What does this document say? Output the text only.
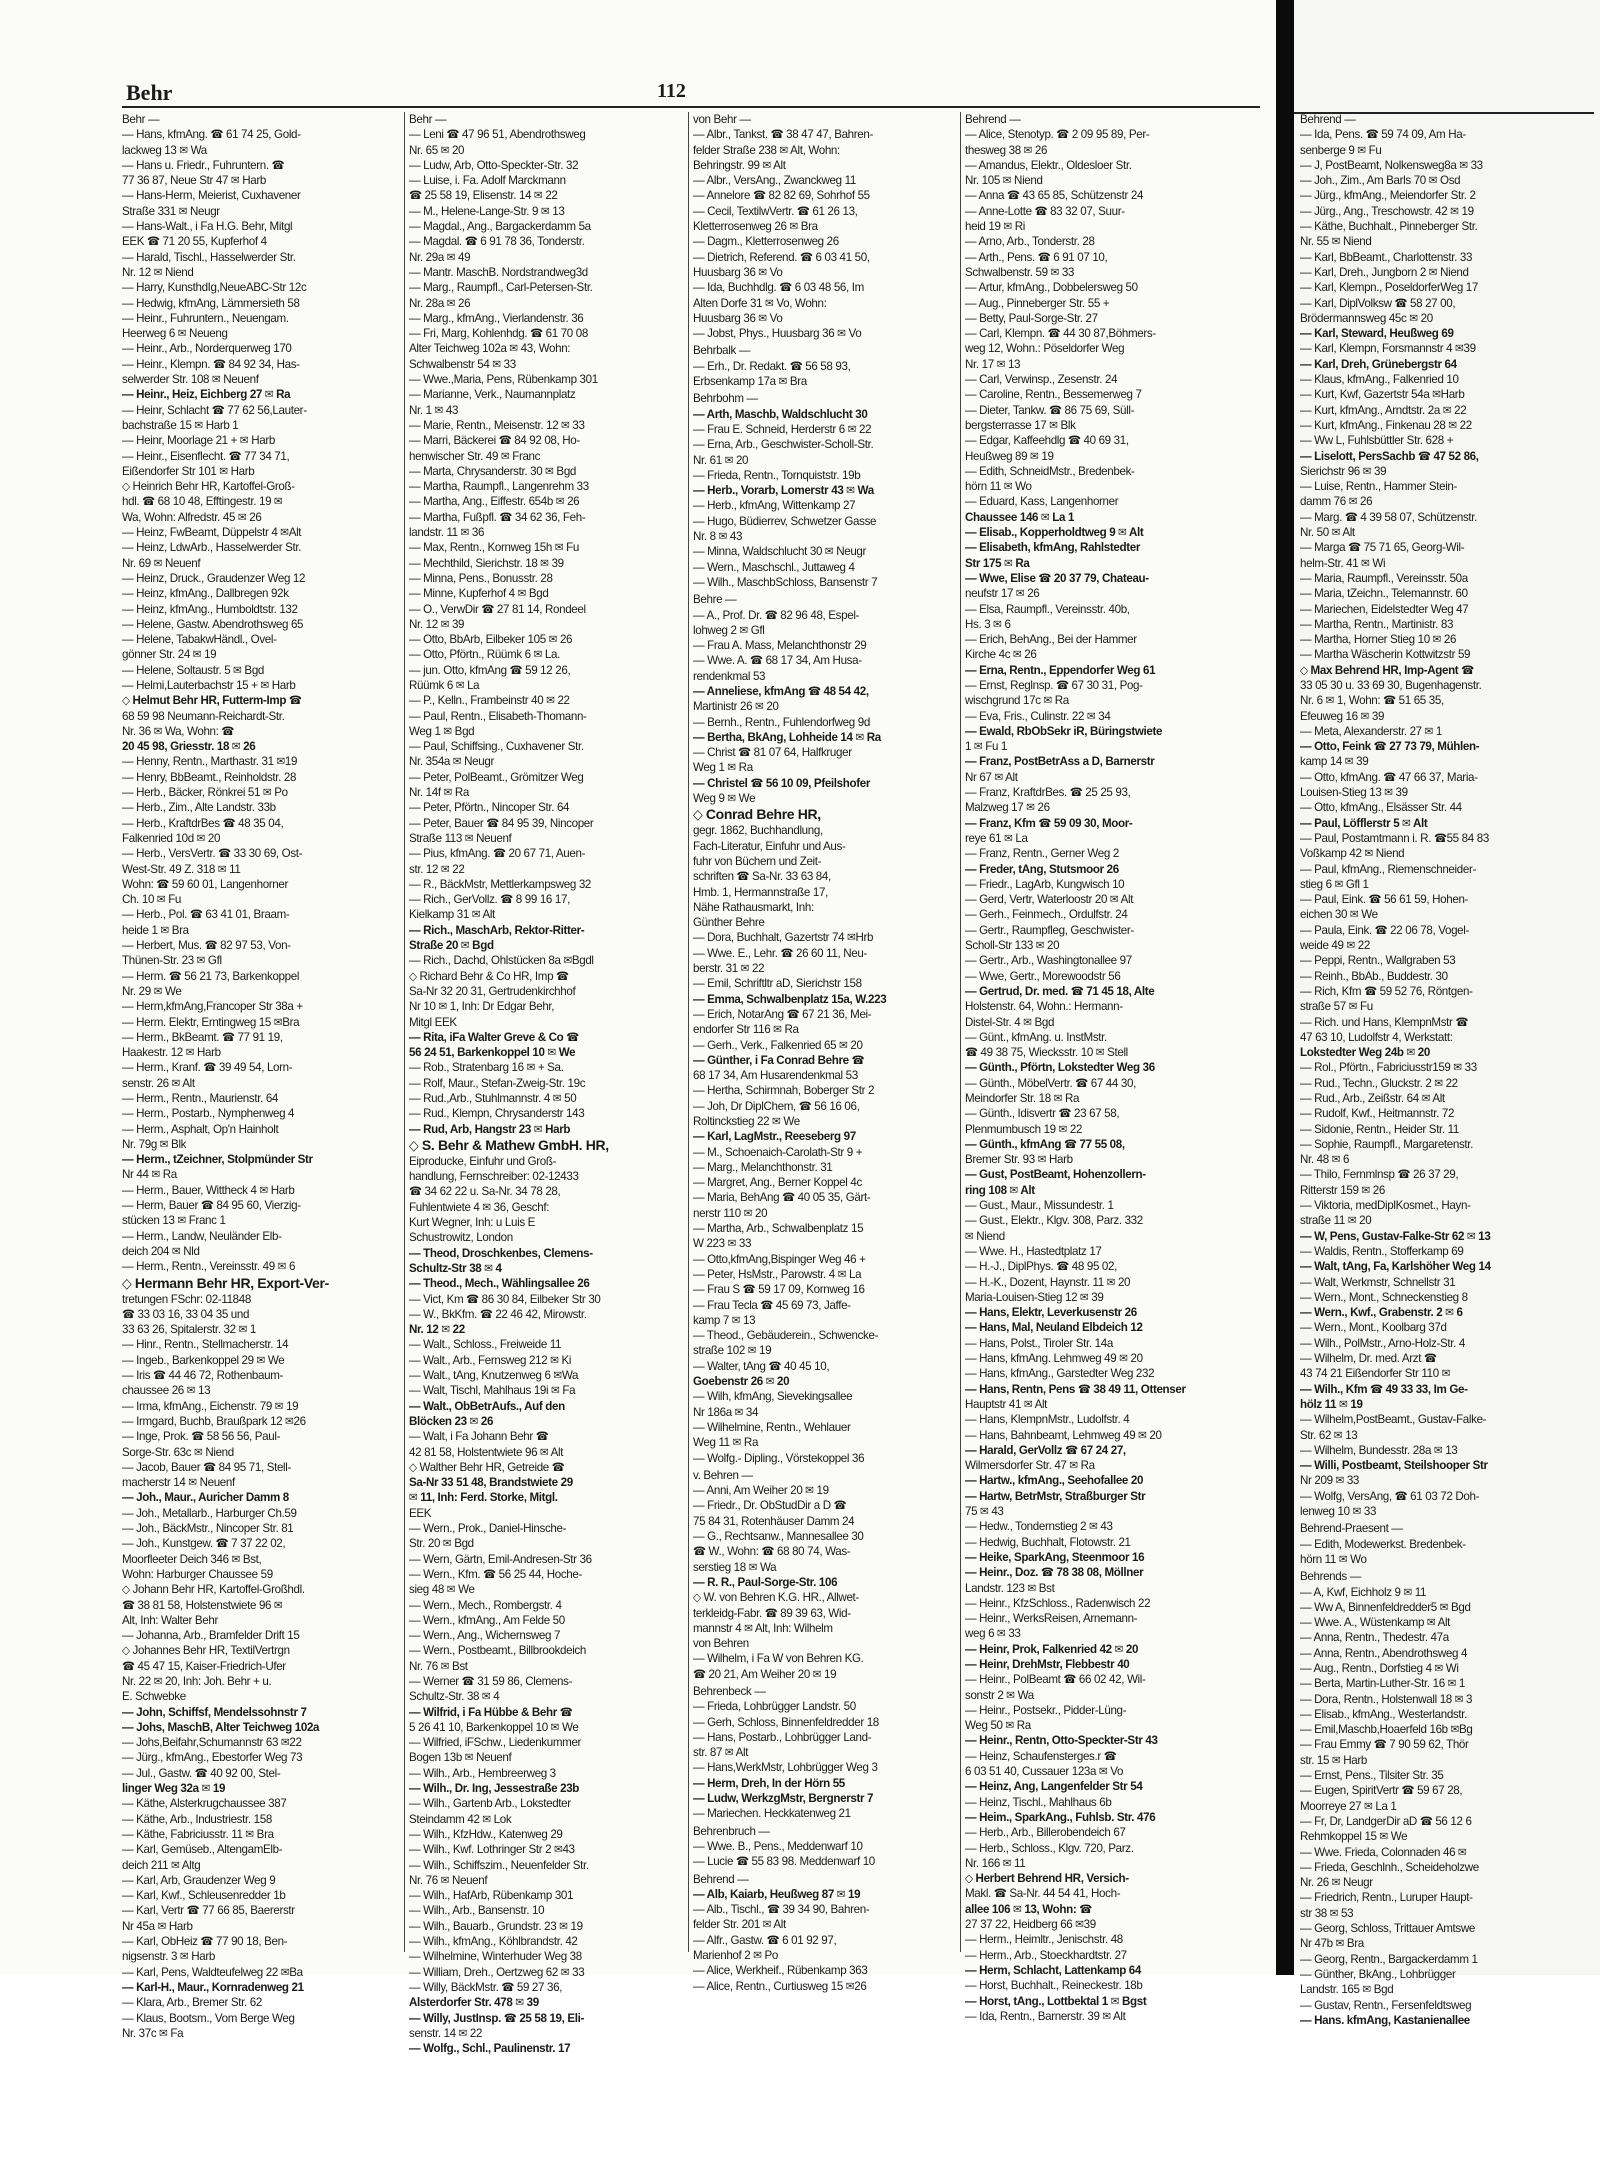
Behr	112
Behr —
— Hans, kfmAng. ☎ 61 74 25, Gold-
lackweg 13 ✉ Wa
— Hans u. Friedr., Fuhruntern. ☎
77 36 87, Neue Str 47 ✉ Harb
— Hans-Herm, Meierist, Cuxhavener
Straße 331 ✉ Neugr
— Hans-Walt., i Fa H.G. Behr, Mitgl
EEK ☎ 71 20 55, Kupferhof 4
— Harald, Tischl., Hasselwerder Str.
Nr. 12 ✉ Niend
— Harry, KunsthdIg,NeueABC-Str 12c
— Hedwig, kfmAng, Lämmersieth 58
— Heinr., Fuhruntern., Neuengam.
Heerweg 6 ✉ Neueng
— Heinr., Arb., Norderquerweg 170
— Heinr., Klempn. ☎ 84 92 34, Has-
selwerder Str. 108 ✉ Neuenf
— Heinr., Heiz, Eichberg 27 ✉ Ra
— Heinr, Schlacht ☎ 77 62 56,Lauter-
bachstraße 15 ✉ Harb 1
— Heinr, Moorlage 21 + ✉ Harb
— Heinr., Eisenflecht. ☎ 77 34 71,
Eißendorfer Str 101 ✉ Harb
◇ Heinrich Behr HR, Kartoffel-Groß-
hdl. ☎ 68 10 48, Efftingestr. 19 ✉
Wa, Wohn: Alfredstr. 45 ✉ 26
— Heinz, FwBeamt, Düppelstr 4 ✉Alt
— Heinz, LdwArb., Hasselwerder Str.
Nr. 69 ✉ Neuenf
— Heinz, Druck., Graudenzer Weg 12
— Heinz, kfmAng., Dallbregen 92k
— Heinz, kfmAng., Humboldtstr. 132
— Helene, Gastw. Abendrothsweg 65
— Helene, TabakwHändl., Ovel-
gönner Str. 24 ✉ 19
— Helene, Soltaustr. 5 ✉ Bgd
— Helmi,Lauterbachstr 15 + ✉ Harb
◇ Helmut Behr HR, Futterm-Imp ☎
68 59 98 Neumann-Reichardt-Str.
Nr. 36 ✉ Wa, Wohn: ☎
20 45 98, Griesstr. 18 ✉ 26
— Henny, Rentn., Marthastr. 31 ✉19
— Henry, BbBeamt., Reinholdstr. 28
— Herb., Bäcker, Rönkrei 51 ✉ Po
— Herb., Zim., Alte Landstr. 33b
— Herb., KraftdrBes ☎ 48 35 04,
Falkenried 10d ✉ 20
— Herb., VersVertr. ☎ 33 30 69, Ost-
West-Str. 49 Z. 318 ✉ 11
Wohn: ☎ 59 60 01, Langenhorner
Ch. 10 ✉ Fu
— Herb., Pol. ☎ 63 41 01, Braam-
heide 1 ✉ Bra
— Herbert, Mus. ☎ 82 97 53, Von-
Thünen-Str. 23 ✉ Gfl
— Herm. ☎ 56 21 73, Barkenkoppel
Nr. 29 ✉ We
— Herm,kfmAng,Francoper Str 38a +
— Herm. Elektr, Erntingweg 15 ✉Bra
— Herm., BkBeamt. ☎ 77 91 19,
Haakestr. 12 ✉ Harb
— Herm., Kranf. ☎ 39 49 54, Lorn-
senstr. 26 ✉ Alt
— Herm., Rentn., Maurienstr. 64
— Herm., Postarb., Nymphenweg 4
— Herm., Asphalt, Op'n Hainholt
Nr. 79g ✉ Blk
— Herm., tZeichner, Stolpmünder Str
Nr 44 ✉ Ra
— Herm., Bauer, Wittheck 4 ✉ Harb
— Herm, Bauer ☎ 84 95 60, Vierzig-
stücken 13 ✉ Franc 1
— Herm., Landw, Neuländer Elb-
deich 204 ✉ Nld
— Herm., Rentn., Vereinsstr. 49 ✉ 6
◇ Hermann Behr HR, Export-Ver-
tretungen FSchr: 02-11848
☎ 33 03 16, 33 04 35 und
33 63 26, Spitalerstr. 32 ✉ 1
— Hinr., Rentn., Stellmacherstr. 14
— Ingeb., Barkenkoppel 29 ✉ We
— Iris ☎ 44 46 72, Rothenbaum-
chaussee 26 ✉ 13
— Irma, kfmAng., Eichenstr. 79 ✉ 19
— Irmgard, Buchb, Braußpark 12 ✉26
— Inge, Prok. ☎ 58 56 56, Paul-
Sorge-Str. 63c ✉ Niend
— Jacob, Bauer ☎ 84 95 71, Stell-
macherstr 14 ✉ Neuenf
— Joh., Maur., Auricher Damm 8
— Joh., Metallarb., Harburger Ch.59
— Joh., BäckMstr., Nincoper Str. 81
— Joh., Kunstgew. ☎ 7 37 22 02,
Moorfleeter Deich 346 ✉ Bst,
Wohn: Harburger Chaussee 59
◇ Johann Behr HR, Kartoffel-Großhdl.
☎ 38 81 58, Holstenstwiete 96 ✉
Alt, Inh: Walter Behr
— Johanna, Arb., Bramfelder Drift 15
◇ Johannes Behr HR, TextilVertrgn
☎ 45 47 15, Kaiser-Friedrich-Ufer
Nr. 22 ✉ 20, Inh: Joh. Behr + u.
E. Schwebke
— John, Schiffsf, Mendelssohnstr 7
— Johs, MaschB, Alter Teichweg 102a
— Johs,Beifahr,Schumannstr 63 ✉22
— Jürg., kfmAng., Ebestorfer Weg 73
— Jul., Gastw. ☎ 40 92 00, Stel-
linger Weg 32a ✉ 19
— Käthe, Alsterkrugchaussee 387
— Käthe, Arb., Industriestr. 158
— Käthe, Fabriciusstr. 11 ✉ Bra
— Karl, Gemüseb., AltengamElb-
deich 211 ✉ Altg
— Karl, Arb, Graudenzer Weg 9
— Karl, Kwf., Schleusenredder 1b
— Karl, Vertr ☎ 77 66 85, Baererstr
Nr 45a ✉ Harb
— Karl, ObHeiz ☎ 77 90 18, Ben-
nigsenstr. 3 ✉ Harb
— Karl, Pens, Waldteufelweg 22 ✉Ba
— Karl-H., Maur., Kornradenweg 21
— Klara, Arb., Bremer Str. 62
— Klaus, Bootsm., Vom Berge Weg
Nr. 37c ✉ Fa
Behr —
— Leni ☎ 47 96 51, Abendrothsweg
Nr. 65 ✉ 20
— Ludw, Arb, Otto-Speckter-Str. 32
— Luise, i. Fa. Adolf Marckmann
☎ 25 58 19, Elisenstr. 14 ✉ 22
— M., Helene-Lange-Str. 9 ✉ 13
— Magdal., Ang., Bargackerdamm 5a
— Magdal. ☎ 6 91 78 36, Tonderstr.
Nr. 29a ✉ 49
— Mantr. MaschB. Nordstrandweg3d
— Marg., Raumpfl., Carl-Petersen-Str.
Nr. 28a ✉ 26
— Marg., kfmAng., Vierlandenstr. 36
— Fri, Marg, Kohlenhdg. ☎ 61 70 08
Alter Teichweg 102a ✉ 43, Wohn:
Schwalbenstr 54 ✉ 33
— Wwe.,Maria, Pens, Rübenkamp 301
— Marianne, Verk., Naumannplatz
Nr. 1 ✉ 43
— Marie, Rentn., Meisenstr. 12 ✉ 33
— Marri, Bäckerei ☎ 84 92 08, Ho-
henwischer Str. 49 ✉ Franc
— Marta, Chrysanderstr. 30 ✉ Bgd
— Martha, Raumpfl., Langenrehm 33
— Martha, Ang., Eiffestr. 654b ✉ 26
— Martha, Fußpfl. ☎ 34 62 36, Feh-
landstr. 11 ✉ 36
— Max, Rentn., Kornweg 15h ✉ Fu
— Mechthild, Sierichstr. 18 ✉ 39
— Minna, Pens., Bonusstr. 28
— Minne, Kupferhof 4 ✉ Bgd
— O., VerwDir ☎ 27 81 14, Rondeel
Nr. 12 ✉ 39
— Otto, BbArb, Eilbeker 105 ✉ 26
— Otto, Pförtn., Rüümk 6 ✉ La.
— jun. Otto, kfmAng ☎ 59 12 26,
Rüümk 6 ✉ La
— P., Kelln., Frambeinstr 40 ✉ 22
— Paul, Rentn., Elisabeth-Thomann-
Weg 1 ✉ Bgd
— Paul, Schiffsing., Cuxhavener Str.
Nr. 354a ✉ Neugr
— Peter, PolBeamt., Grömitzer Weg
Nr. 14f ✉ Ra
— Peter, Pförtn., Nincoper Str. 64
— Peter, Bauer ☎ 84 95 39, Nincoper
Straße 113 ✉ Neuenf
— Pius, kfmAng. ☎ 20 67 71, Auen-
str. 12 ✉ 22
— R., BäckMstr, Mettlerkampsweg 32
— Rich., GerVollz. ☎ 8 99 16 17,
Kielkamp 31 ✉ Alt
— Rich., MaschArb, Rektor-Ritter-
Straße 20 ✉ Bgd
— Rich., Dachd, Ohlstücken 8a ✉Bgdl
◇ Richard Behr & Co HR, Imp ☎
Sa-Nr 32 20 31, Gertrudenkirchhof
Nr 10 ✉ 1, Inh: Dr Edgar Behr,
Mitgl EEK
— Rita, iFa Walter Greve & Co ☎
56 24 51, Barkenkoppel 10 ✉ We
— Rob., Stratenbarg 16 ✉ + Sa.
— Rolf, Maur., Stefan-Zweig-Str. 19c
— Rud.,Arb., Stuhlmannstr. 4 ✉ 50
— Rud., Klempn, Chrysanderstr 143
— Rud, Arb, Hangstr 23 ✉ Harb
◇ S. Behr & Mathew GmbH. HR,
Eiproducke, Einfuhr und Groß-
handlung, Fernschreiber: 02-12433
☎ 34 62 22 u. Sa-Nr. 34 78 28,
Fuhlentwiete 4 ✉ 36, Geschf:
Kurt Wegner, Inh: u Luis E
Schustrowitz, London
— Theod, Droschkenbes, Clemens-
Schultz-Str 38 ✉ 4
— Theod., Mech., Wählingsallee 26
— Vict, Km ☎ 86 30 84, Eilbeker Str 30
— W., BkKfm. ☎ 22 46 42, Mirowstr.
Nr. 12 ✉ 22
— Walt., Schloss., Freiweide 11
— Walt., Arb., Fernsweg 212 ✉ Ki
— Walt., tAng, Knutzenweg 6 ✉Wa
— Walt, Tischl, Mahlhaus 19i ✉ Fa
— Walt., ObBetrAufs., Auf den
Blöcken 23 ✉ 26
— Walt, i Fa Johann Behr ☎
42 81 58, Holstentwiete 96 ✉ Alt
◇ Walther Behr HR, Getreide ☎
Sa-Nr 33 51 48, Brandstwiete 29
✉ 11, Inh: Ferd. Storke, Mitgl.
EEK
— Wern., Prok., Daniel-Hinsche-
Str. 20 ✉ Bgd
— Wern, Gärtn, Emil-Andresen-Str 36
— Wern., Kfm. ☎ 56 25 44, Hoche-
sieg 48 ✉ We
— Wern., Mech., Rombergstr. 4
— Wern., kfmAng., Am Felde 50
— Wern., Ang., Wichernsweg 7
— Wern., Postbeamt., Billbrookdeich
Nr. 76 ✉ Bst
— Werner ☎ 31 59 86, Clemens-
Schultz-Str. 38 ✉ 4
— Wilfrid, i Fa Hübbe & Behr ☎
5 26 41 10, Barkenkoppel 10 ✉ We
— Wilfried, iFSchw., Liedenkummer
Bogen 13b ✉ Neuenf
— Wilh., Arb., Hembreerweg 3
— Wilh., Dr. Ing, Jessestraße 23b
— Wilh., Gartenb Arb., Lokstedter
Steindamm 42 ✉ Lok
— Wilh., KfzHdw., Katenweg 29
— Wilh., Kwf. Lothringer Str 2 ✉43
— Wilh., Schiffszim., Neuenfelder Str.
Nr. 76 ✉ Neuenf
— Wilh., HafArb, Rübenkamp 301
— Wilh., Arb., Bansenstr. 10
— Wilh., Bauarb., Grundstr. 23 ✉ 19
— Wilh., kfmAng., Köhlbrandstr. 42
— Wilhelmine, Winterhuder Weg 38
— William, Dreh., Oertzweg 62 ✉ 33
— Willy, BäckMstr. ☎ 59 27 36,
Alsterdorfer Str. 478 ✉ 39
— Willy, JustInsp. ☎ 25 58 19, Eli-
senstr. 14 ✉ 22
— Wolfg., Schl., Paulinenstr. 17
von Behr —
— Albr., Tankst. ☎ 38 47 47, Bahren-
felder Straße 238 ✉ Alt, Wohn:
Behringstr. 99 ✉ Alt
— Albr., VersAng., Zwanckweg 11
— Annelore ☎ 82 82 69, Sohrhof 55
— Cecil, TextilwVertr. ☎ 61 26 13,
Kletterrosenweg 26 ✉ Bra
— Dagm., Kletterrosenweg 26
— Dietrich, Referend. ☎ 6 03 41 50,
Huusbarg 36 ✉ Vo
— Ida, Buchhdlg. ☎ 6 03 48 56, Im
Alten Dorfe 31 ✉ Vo, Wohn:
Huusbarg 36 ✉ Vo
— Jobst, Phys., Huusbarg 36 ✉ Vo
Behrbalk —
— Erh., Dr. Redakt. ☎ 56 58 93,
Erbsenkamp 17a ✉ Bra
Behrbohm —
— Arth, Maschb, Waldschlucht 30
— Frau E. Schneid, Herderstr 6 ✉ 22
— Erna, Arb., Geschwister-Scholl-Str.
Nr. 61 ✉ 20
— Frieda, Rentn., Tornquiststr. 19b
— Herb., Vorarb, Lomerstr 43 ✉ Wa
— Herb., kfmAng, Wittenkamp 27
— Hugo, Büdierrev, Schwetzer Gasse
Nr. 8 ✉ 43
— Minna, Waldschlucht 30 ✉ Neugr
— Wern., Maschschl., Juttaweg 4
— Wilh., MaschbSchloss, Bansenstr 7
Behre —
— A., Prof. Dr. ☎ 82 96 48, Espel-
lohweg 2 ✉ Gfl
— Frau A. Mass, Melanchthonstr 29
— Wwe. A. ☎ 68 17 34, Am Husa-
rendenkmal 53
— Anneliese, kfmAng ☎ 48 54 42,
Martinistr 26 ✉ 20
— Bernh., Rentn., Fuhlendorfweg 9d
— Bertha, BkAng, Lohheide 14 ✉ Ra
— Christ ☎ 81 07 64, Halfkruger
Weg 1 ✉ Ra
— Christel ☎ 56 10 09, Pfeilshofer
Weg 9 ✉ We
◇ Conrad Behre HR,
gegr. 1862, Buchhandlung,
Fach-Literatur, Einfuhr und Aus-
fuhr von Büchern und Zeit-
schriften ☎ Sa-Nr. 33 63 84,
Hmb. 1, Hermannstraße 17,
Nähe Rathausmarkt, Inh:
Günther Behre
— Dora, Buchhalt, Gazertstr 74 ✉Hrb
— Wwe. E., Lehr. ☎ 26 60 11, Neu-
berstr. 31 ✉ 22
— Emil, Schriftltr aD, Sierichstr 158
— Emma, Schwalbenplatz 15a, W.223
— Erich, NotarAng ☎ 67 21 36, Mei-
endorfer Str 116 ✉ Ra
— Gerh., Verk., Falkenried 65 ✉ 20
— Günther, i Fa Conrad Behre ☎
68 17 34, Am Husarendenkmal 53
— Hertha, Schirmnah, Boberger Str 2
— Joh, Dr DiplChem, ☎ 56 16 06,
Roltinckstieg 22 ✉ We
— Karl, LagMstr., Reeseberg 97
— M., Schoenaich-Carolath-Str 9 +
— Marg., Melanchthonstr. 31
— Margret, Ang., Berner Koppel 4c
— Maria, BehAng ☎ 40 05 35, Gärt-
nerstr 110 ✉ 20
— Martha, Arb., Schwalbenplatz 15
W 223 ✉ 33
— Otto,kfmAng,Bispinger Weg 46 +
— Peter, HsMstr., Parowstr. 4 ✉ La
— Frau S ☎ 59 17 09, Kornweg 16
— Frau Tecla ☎ 45 69 73, Jaffe-
kamp 7 ✉ 13
— Theod., Gebäuderein., Schwencke-
straße 102 ✉ 19
— Walter, tAng ☎ 40 45 10,
Goebenstr 26 ✉ 20
— Wilh, kfmAng, Sievekingsallee
Nr 186a ✉ 34
— Wilhelmine, Rentn., Wehlauer
Weg 11 ✉ Ra
— Wolfg.- Dipling., Vörstekoppel 36
v. Behren —
— Anni, Am Weiher 20 ✉ 19
— Friedr., Dr. ObStudDir a D ☎
75 84 31, Rotenhäuser Damm 24
— G., Rechtsanw., Mannesallee 30
☎ W., Wohn: ☎ 68 80 74, Was-
serstieg 18 ✉ Wa
— R. R., Paul-Sorge-Str. 106
◇ W. von Behren K.G. HR., Allwet-
terkleidg-Fabr. ☎ 89 39 63, Wid-
mannstr 4 ✉ Alt, Inh: Wilhelm
von Behren
— Wilhelm, i Fa W von Behren KG.
☎ 20 21, Am Weiher 20 ✉ 19
Behrenbeck —
— Frieda, Lohbrügger Landstr. 50
— Gerh, Schloss, Binnenfeldredder 18
— Hans, Postarb., Lohbrügger Land-
str. 87 ✉ Alt
— Hans,WerkMstr, Lohbrügger Weg 3
— Herm, Dreh, In der Hörn 55
— Ludw, WerkzgMstr, Bergnerstr 7
— Mariechen. Heckkatenweg 21
Behrenbruch —
— Wwe. B., Pens., Meddenwarf 10
— Lucie ☎ 55 83 98. Meddenwarf 10
Behrend —
— Alb, Kaiarb, Heußweg 87 ✉ 19
— Alb., Tischl., ☎ 39 34 90, Bahren-
felder Str. 201 ✉ Alt
— Alfr., Gastw. ☎ 6 01 92 97,
Marienhof 2 ✉ Po
— Alice, Werkheif., Rübenkamp 363
— Alice, Rentn., Curtiusweg 15 ✉26
Behrend —
— Alice, Stenotyp. ☎ 2 09 95 89, Per-
thesweg 38 ✉ 26
— Amandus, Elektr., Oldesloer Str.
Nr. 105 ✉ Niend
— Anna ☎ 43 65 85, Schützenstr 24
— Anne-Lotte ☎ 83 32 07, Suur-
heid 19 ✉ Ri
— Arno, Arb., Tonderstr. 28
— Arth., Pens. ☎ 6 91 07 10,
Schwalbenstr. 59 ✉ 33
— Artur, kfmAng., Dobbelersweg 50
— Aug., Pinneberger Str. 55 +
— Betty, Paul-Sorge-Str. 27
— Carl, Klempn. ☎ 44 30 87,Böhmers-
weg 12, Wohn.: Pöseldorfer Weg
Nr. 17 ✉ 13
— Carl, Verwinsp., Zesenstr. 24
— Caroline, Rentn., Bessemerweg 7
— Dieter, Tankw. ☎ 86 75 69, Süll-
bergsterrasse 17 ✉ Blk
— Edgar, Kaffeehdlg ☎ 40 69 31,
Heußweg 89 ✉ 19
— Edith, SchneidMstr., Bredenbek-
hörn 11 ✉ Wo
— Eduard, Kass, Langenhorner
Chaussee 146 ✉ La 1
— Elisab., Kopperholdtweg 9 ✉ Alt
— Elisabeth, kfmAng, Rahlstedter
Str 175 ✉ Ra
— Wwe, Elise ☎ 20 37 79, Chateau-
neufstr 17 ✉ 26
— Elsa, Raumpfl., Vereinsstr. 40b,
Hs. 3 ✉ 6
— Erich, BehAng., Bei der Hammer
Kirche 4c ✉ 26
— Erna, Rentn., Eppendorfer Weg 61
— Ernst, Reglnsp. ☎ 67 30 31, Pog-
wischgrund 17c ✉ Ra
— Eva, Fris., Culinstr. 22 ✉ 34
— Ewald, RbObSekr iR, Büringstwiete
1 ✉ Fu 1
— Franz, PostBetrAss a D, Barnerstr
Nr 67 ✉ Alt
— Franz, KraftdrBes. ☎ 25 25 93,
Malzweg 17 ✉ 26
— Franz, Kfm ☎ 59 09 30, Moor-
reye 61 ✉ La
— Franz, Rentn., Gerner Weg 2
— Freder, tAng, Stutsmoor 26
— Friedr., LagArb, Kungwisch 10
— Gerd, Vertr, Waterloostr 20 ✉ Alt
— Gerh., Feinmech., Ordulfstr. 24
— Gertr., Raumpfleg, Geschwister-
Scholl-Str 133 ✉ 20
— Gertr., Arb., Washingtonallee 97
— Wwe, Gertr., Morewoodstr 56
— Gertrud, Dr. med. ☎ 71 45 18, Alte
Holstenstr. 64, Wohn.: Hermann-
Distel-Str. 4 ✉ Bgd
— Günt., kfmAng. u. InstMstr.
☎ 49 38 75, Wiecksstr. 10 ✉ Stell
— Günth., Pförtn, Lokstedter Weg 36
— Günth., MöbelVertr. ☎ 67 44 30,
Meindorfer Str. 18 ✉ Ra
— Günth., Idisvertr ☎ 23 67 58,
Plenmumbusch 19 ✉ 22
— Günth., kfmAng ☎ 77 55 08,
Bremer Str. 93 ✉ Harb
— Gust, PostBeamt, Hohenzollern-
ring 108 ✉ Alt
— Gust., Maur., Missundestr. 1
— Gust., Elektr., Klgv. 308, Parz. 332
✉ Niend
— Wwe. H., Hastedtplatz 17
— H.-J., DiplPhys. ☎ 48 95 02,
— H.-K., Dozent, Haynstr. 11 ✉ 20
Maria-Louisen-Stieg 12 ✉ 39
— Hans, Elektr, Leverkusenstr 26
— Hans, Mal, Neuland Elbdeich 12
— Hans, Polst., Tiroler Str. 14a
— Hans, kfmAng. Lehmweg 49 ✉ 20
— Hans, kfmAng., Garstedter Weg 232
— Hans, Rentn, Pens ☎ 38 49 11, Ottenser
Hauptstr 41 ✉ Alt
— Hans, KlempnMstr., Ludolfstr. 4
— Hans, Bahnbeamt, Lehmweg 49 ✉ 20
— Harald, GerVollz ☎ 67 24 27,
Wilmersdorfer Str. 47 ✉ Ra
— Hartw., kfmAng., Seehofallee 20
— Hartw, BetrMstr, Straßburger Str
75 ✉ 43
— Hedw., Tondernstieg 2 ✉ 43
— Hedwig, Buchhalt, Flotowstr. 21
— Heike, SparkAng, Steenmoor 16
— Heinr., Doz. ☎ 78 38 08, Möllner
Landstr. 123 ✉ Bst
— Heinr., KfzSchloss., Radenwisch 22
— Heinr., WerksReisen, Arnemann-
weg 6 ✉ 33
— Heinr, Prok, Falkenried 42 ✉ 20
— Heinr, DrehMstr, Flebbestr 40
— Heinr., PolBeamt ☎ 66 02 42, Wil-
sonstr 2 ✉ Wa
— Heinr., Postsekr., Pidder-Lüng-
Weg 50 ✉ Ra
— Heinr., Rentn, Otto-Speckter-Str 43
— Heinz, Schaufensterges.r ☎
6 03 51 40, Cussauer 123a ✉ Vo
— Heinz, Ang, Langenfelder Str 54
— Heinz, Tischl., Mahlhaus 6b
— Heim., SparkAng., Fuhlsb. Str. 476
— Herb., Arb., Billerobendeich 67
— Herb., Schloss., Klgv. 720, Parz.
Nr. 166 ✉ 11
◇ Herbert Behrend HR, Versich-
Makl. ☎ Sa-Nr. 44 54 41, Hoch-
allee 106 ✉ 13, Wohn: ☎
27 37 22, Heidberg 66 ✉39
— Herm., Heimltr., Jenischstr. 48
— Herm., Arb., Stoeckhardtstr. 27
— Herm, Schlacht, Lattenkamp 64
— Horst, Buchhalt., Reineckestr. 18b
— Horst, tAng., Lottbektal 1 ✉ Bgst
— Ida, Rentn., Barnerstr. 39 ✉ Alt
Behrend —
— Ida, Pens. ☎ 59 74 09, Am Ha-
senberge 9 ✉ Fu
— J, PostBeamt, Nolkensweg8a ✉ 33
— Joh., Zim., Am Barls 70 ✉ Osd
— Jürg., kfmAng., Meiendorfer Str. 2
— Jürg., Ang., Treschowstr. 42 ✉ 19
— Käthe, Buchhalt., Pinneberger Str.
Nr. 55 ✉ Niend
— Karl, BbBeamt., Charlottenstr. 33
— Karl, Dreh., Jungborn 2 ✉ Niend
— Karl, Klempn., PoseldorferWeg 17
— Karl, DiplVolksw ☎ 58 27 00,
Brödermannsweg 45c ✉ 20
— Karl, Steward, Heußweg 69
— Karl, Klempn, Forsmannstr 4 ✉39
— Karl, Dreh, Grünebergstr 64
— Klaus, kfmAng., Falkenried 10
— Kurt, Kwf, Gazertstr 54a ✉Harb
— Kurt, kfmAng., Arndtstr. 2a ✉ 22
— Kurt, kfmAng., Finkenau 28 ✉ 22
— Ww L, Fuhlsbüttler Str. 628 +
— Liselott, PersSachb ☎ 47 52 86,
Sierichstr 96 ✉ 39
— Luise, Rentn., Hammer Stein-
damm 76 ✉ 26
— Marg. ☎ 4 39 58 07, Schützenstr.
Nr. 50 ✉ Alt
— Marga ☎ 75 71 65, Georg-Wil-
helm-Str. 41 ✉ Wi
— Maria, Raumpfl., Vereinsstr. 50a
— Maria, tZeichn., Telemannstr. 60
— Mariechen, Eidelstedter Weg 47
— Martha, Rentn., Martinistr. 83
— Martha, Horner Stieg 10 ✉ 26
— Martha Wäscherin Kottwitzstr 59
◇ Max Behrend HR, Imp-Agent ☎
33 05 30 u. 33 69 30, Bugenhagenstr.
Nr. 6 ✉ 1, Wohn: ☎ 51 65 35,
Efeuweg 16 ✉ 39
— Meta, Alexanderstr. 27 ✉ 1
— Otto, Feink ☎ 27 73 79, Mühlen-
kamp 14 ✉ 39
— Otto, kfmAng. ☎ 47 66 37, Maria-
Louisen-Stieg 13 ✉ 39
— Otto, kfmAng., Elsässer Str. 44
— Paul, Löfflerstr 5 ✉ Alt
— Paul, Postamtmann i. R. ☎55 84 83
Voßkamp 42 ✉ Niend
— Paul, kfmAng., Riemenschneider-
stieg 6 ✉ Gfl 1
— Paul, Eink. ☎ 56 61 59, Hohen-
eichen 30 ✉ We
— Paula, Eink. ☎ 22 06 78, Vogel-
weide 49 ✉ 22
— Peppi, Rentn., Wallgraben 53
— Reinh., BbAb., Buddestr. 30
— Rich, Kfm ☎ 59 52 76, Röntgen-
straße 57 ✉ Fu
— Rich. und Hans, KlempnMstr ☎
47 63 10, Ludolfstr 4, Werkstatt:
Lokstedter Weg 24b ✉ 20
— Rol., Pförtn., Fabriciusstr159 ✉ 33
— Rud., Techn., Gluckstr. 2 ✉ 22
— Rud., Arb., Zeißstr. 64 ✉ Alt
— Rudolf, Kwf., Heitmannstr. 72
— Sidonie, Rentn., Heider Str. 11
— Sophie, Raumpfl., Margaretenstr.
Nr. 48 ✉ 6
— Thilo, Fernmlnsp ☎ 26 37 29,
Ritterstr 159 ✉ 26
— Viktoria, medDiplKosmet., Hayn-
straße 11 ✉ 20
— W, Pens, Gustav-Falke-Str 62 ✉ 13
— Waldis, Rentn., Stofferkamp 69
— Walt, tAng, Fa, Karlshöher Weg 14
— Walt, Werkmstr, Schnellstr 31
— Wern., Mont., Schneckenstieg 8
— Wern., Kwf., Grabenstr. 2 ✉ 6
— Wern., Mont., Koolbarg 37d
— Wilh., PolMstr., Arno-Holz-Str. 4
— Wilhelm, Dr. med. Arzt ☎
43 74 21 Eißendorfer Str 110 ✉
— Wilh., Kfm ☎ 49 33 33, Im Ge-
hölz 11 ✉ 19
— Wilhelm,PostBeamt., Gustav-Falke-
Str. 62 ✉ 13
— Wilhelm, Bundesstr. 28a ✉ 13
— Willi, Postbeamt, Steilshooper Str
Nr 209 ✉ 33
— Wolfg, VersAng, ☎ 61 03 72 Doh-
lenweg 10 ✉ 33
Behrend-Praesent —
— Edith, Modewerkst. Bredenbek-
hörn 11 ✉ Wo
Behrends —
— A, Kwf, Eichholz 9 ✉ 11
— Ww A, Binnenfeldredder5 ✉ Bgd
— Wwe. A., Wüstenkamp ✉ Alt
— Anna, Rentn., Thedestr. 47a
— Anna, Rentn., Abendrothsweg 4
— Aug., Rentn., Dorfstieg 4 ✉ Wi
— Berta, Martin-Luther-Str. 16 ✉ 1
— Dora, Rentn., Holstenwall 18 ✉ 3
— Elisab., kfmAng., Westerlandstr.
— Emil,Maschb,Hoaerfeld 16b ✉Bg
— Frau Emmy ☎ 7 90 59 62, Thör
str. 15 ✉ Harb
— Ernst, Pens., Tilsiter Str. 35
— Eugen, SpiritVertr ☎ 59 67 28,
Moorreye 27 ✉ La 1
— Fr, Dr, LandgerDir aD ☎ 56 12 6
Rehmkoppel 15 ✉ We
— Wwe. Frieda, Colonnaden 46 ✉
— Frieda, Geschlnh., Scheideholzwe
Nr. 26 ✉ Neugr
— Friedrich, Rentn., Luruper Haupt-
str 38 ✉ 53
— Georg, Schloss, Trittauer Amtswe
Nr 47b ✉ Bra
— Georg, Rentn., Bargackerdamm 1
— Günther, BkAng., Lohbrügger
Landstr. 165 ✉ Bgd
— Gustav, Rentn., Fersenfeldtsweg
— Hans. kfmAng, Kastanienallee
